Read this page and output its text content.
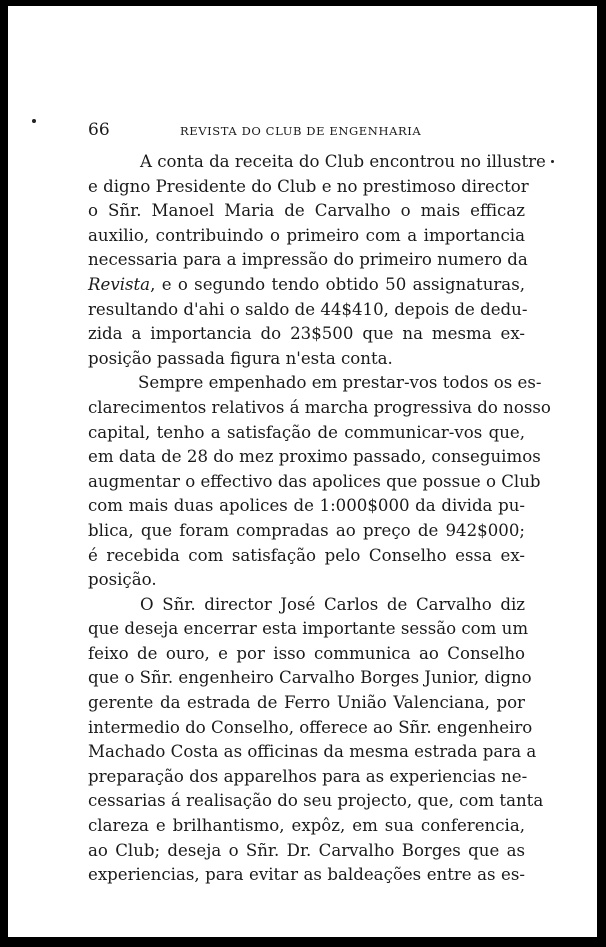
66	REVISTA DO CLUB DE ENGENHARIA
A conta da receita do Club encontrou no illustre
e digno Presidente do Club e no prestimoso director
o Sñr. Manoel Maria de Carvalho o mais efficaz
auxilio, contribuindo o primeiro com a importancia
necessaria para a impressão do primeiro numero da
Revista, e o segundo tendo obtido 50 assignaturas,
resultando d'ahi o saldo de 44$410, depois de dedu-
zida a importancia do 23$500 que na mesma ex-
posição passada figura n'esta conta.
Sempre empenhado em prestar-vos todos os es-
clarecimentos relativos á marcha progressiva do nosso
capital, tenho a satisfação de communicar-vos que,
em data de 28 do mez proximo passado, conseguimos
augmentar o effectivo das apolices que possue o Club
com mais duas apolices de 1:000$000 da divida pu-
blica, que foram compradas ao preço de 942$000;
é recebida com satisfação pelo Conselho essa ex-
posição.
O Sñr. director José Carlos de Carvalho diz
que deseja encerrar esta importante sessão com um
feixo de ouro, e por isso communica ao Conselho
que o Sñr. engenheiro Carvalho Borges Junior, digno
gerente da estrada de Ferro União Valenciana, por
intermedio do Conselho, offerece ao Sñr. engenheiro
Machado Costa as officinas da mesma estrada para a
preparação dos apparelhos para as experiencias ne-
cessarias á realisação do seu projecto, que, com tanta
clareza e brilhantismo, expôz, em sua conferencia,
ao Club; deseja o Sñr. Dr. Carvalho Borges que as
experiencias, para evitar as baldeações entre as es-
